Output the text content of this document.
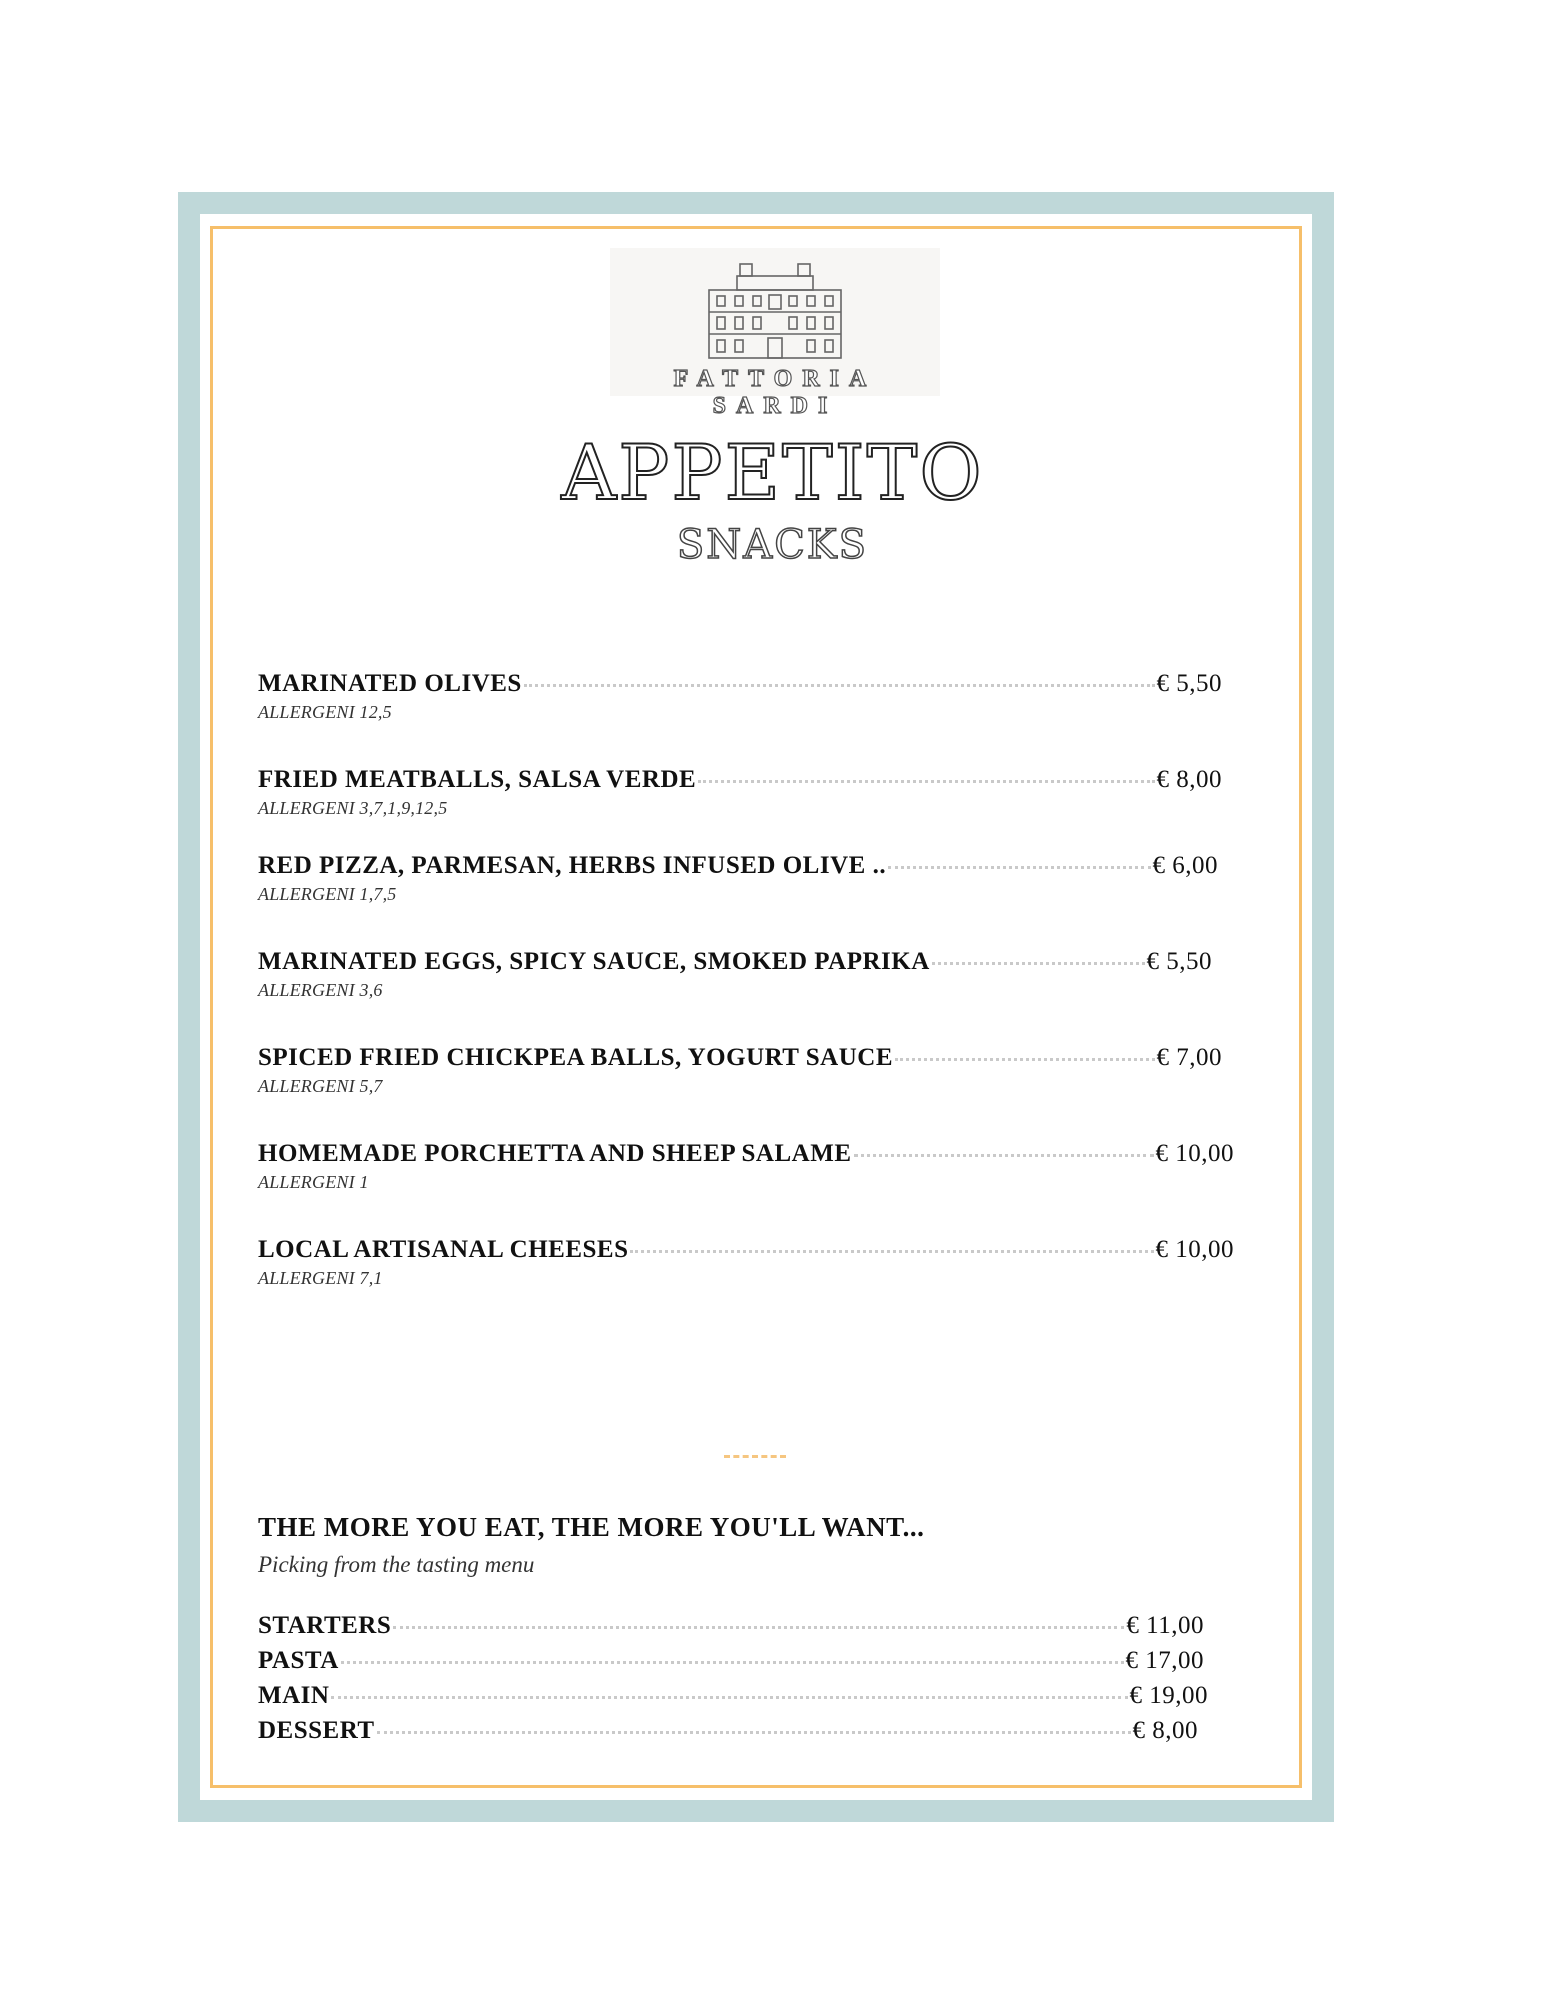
FATTORIA SARDI
APPETITO
SNACKS
MARINATED OLIVES	€ 5,50
ALLERGENI 12,5
FRIED MEATBALLS, SALSA VERDE	€ 8,00
ALLERGENI 3,7,1,9,12,5
RED PIZZA, PARMESAN, HERBS INFUSED OLIVE ..	€ 6,00
ALLERGENI 1,7,5
MARINATED EGGS, SPICY SAUCE, SMOKED PAPRIKA	€ 5,50
ALLERGENI 3,6
SPICED FRIED CHICKPEA BALLS, YOGURT SAUCE	€ 7,00
ALLERGENI 5,7
HOMEMADE PORCHETTA AND SHEEP SALAME	€ 10,00
ALLERGENI 1
LOCAL ARTISANAL CHEESES	€ 10,00
ALLERGENI 7,1
THE MORE YOU EAT, THE MORE YOU'LL WANT...
Picking from the tasting menu
STARTERS	€ 11,00
PASTA	€ 17,00
MAIN	€ 19,00
DESSERT	€ 8,00
